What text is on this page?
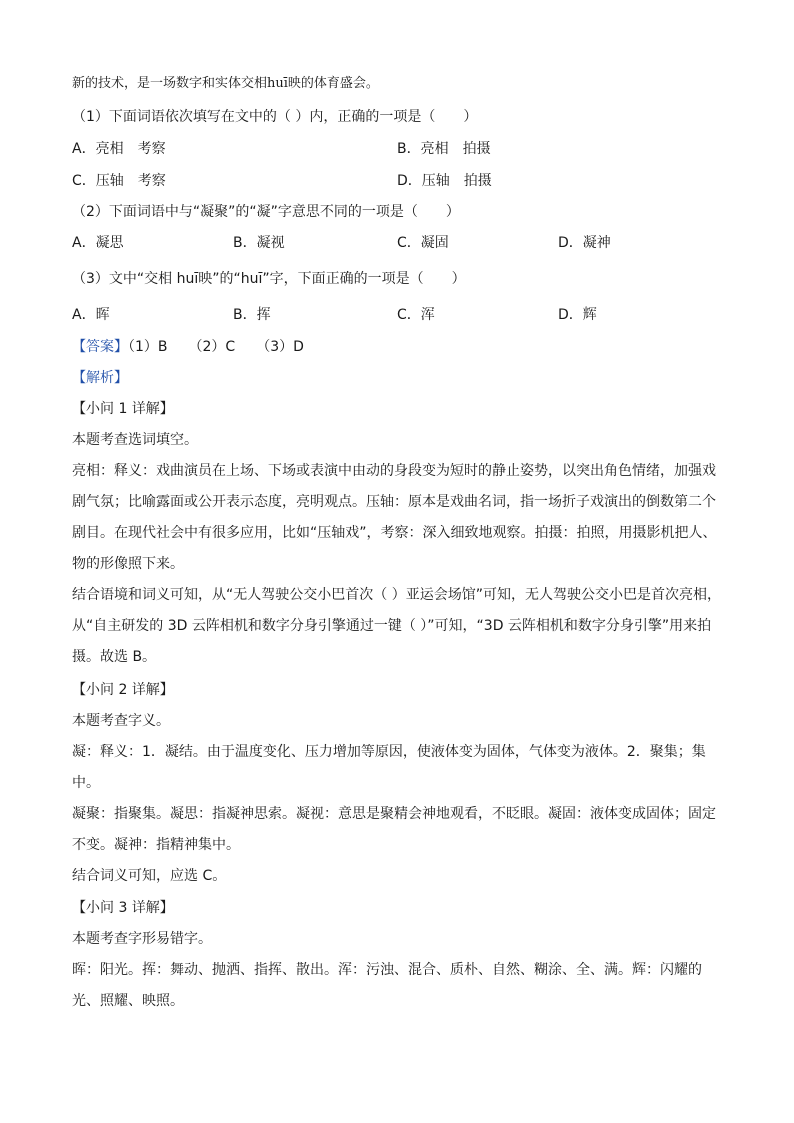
新的技术，是一场数字和实体交相huī映的体育盛会。
（1）下面词语依次填写在文中的（ ）内，正确的一项是（　　）
A．亮相　考察	B．亮相　拍摄
C．压轴　考察	D．压轴　拍摄
（2）下面词语中与“凝聚”的“凝”字意思不同的一项是（　　）
A．凝思	B．凝视	C．凝固	D．凝神
（3）文中“交相 huī映”的“huī”字，下面正确的一项是（　　）
A．晖	B．挥	C．浑	D．辉
【答案】（1）B　　（2）C　　（3）D
【解析】
【小问 1 详解】
本题考查选词填空。
亮相：释义：戏曲演员在上场、下场或表演中由动的身段变为短时的静止姿势，以突出角色情绪，加强戏剧气氛；比喻露面或公开表示态度，亮明观点。压轴：原本是戏曲名词，指一场折子戏演出的倒数第二个剧目。在现代社会中有很多应用，比如“压轴戏”，考察：深入细致地观察。拍摄：拍照，用摄影机把人、物的形像照下来。
结合语境和词义可知，从“无人驾驶公交小巴首次（ ）亚运会场馆”可知，无人驾驶公交小巴是首次亮相，从“自主研发的 3D 云阵相机和数字分身引擎通过一键（ ）”可知，“3D 云阵相机和数字分身引擎”用来拍摄。故选 B。
【小问 2 详解】
本题考查字义。
凝：释义：1．凝结。由于温度变化、压力增加等原因，使液体变为固体，气体变为液体。2．聚集；集中。
凝聚：指聚集。凝思：指凝神思索。凝视：意思是聚精会神地观看，不眨眼。凝固：液体变成固体；固定不变。凝神：指精神集中。
结合词义可知，应选 C。
【小问 3 详解】
本题考查字形易错字。
晖：阳光。挥：舞动、抛洒、指挥、散出。浑：污浊、混合、质朴、自然、糊涂、全、满。辉：闪耀的光、照耀、映照。
